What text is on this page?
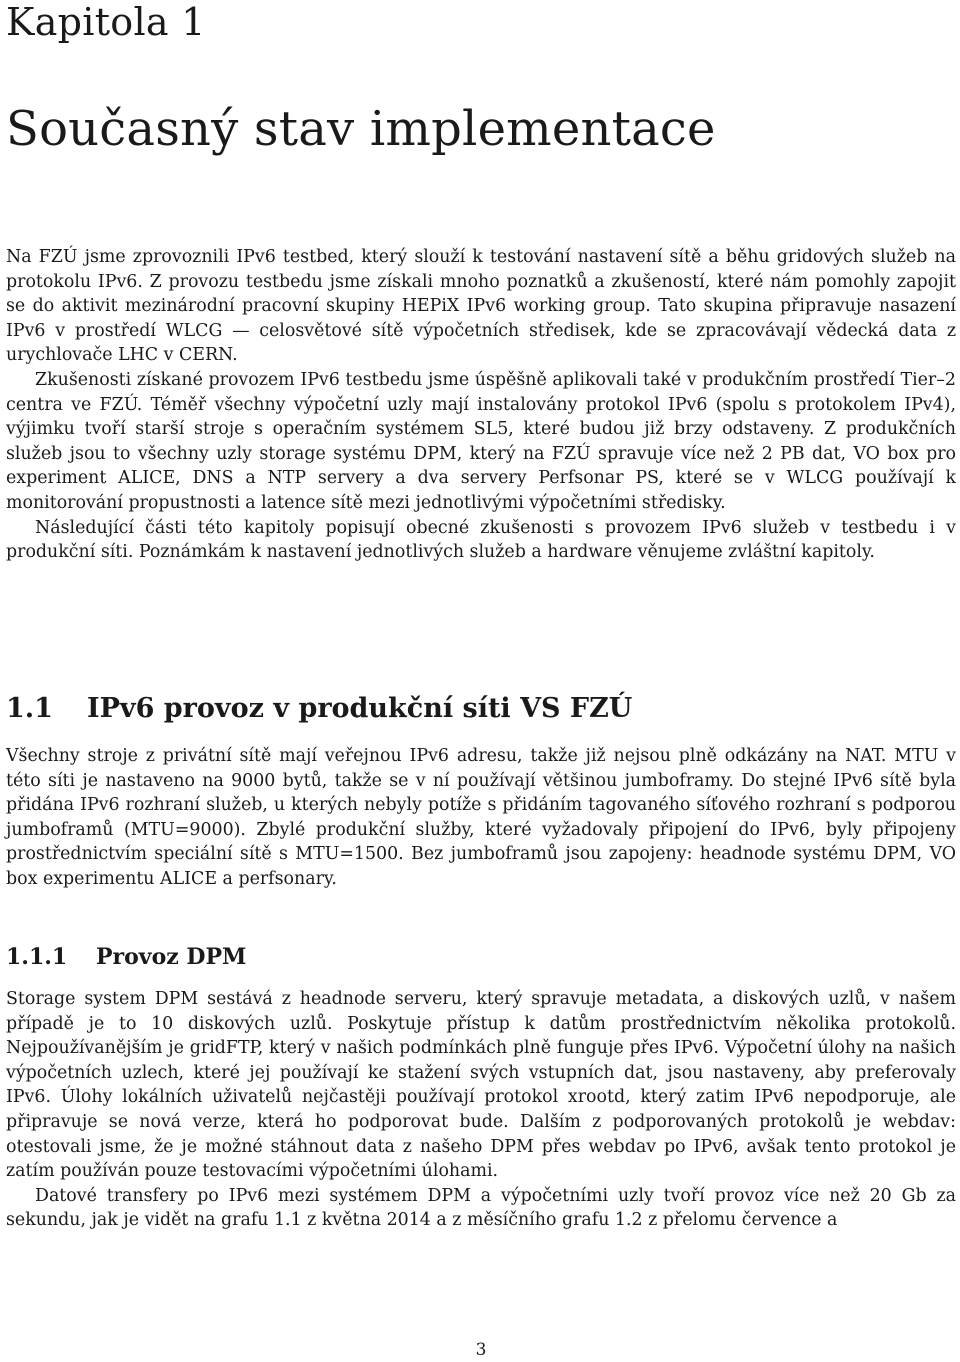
Kapitola 1
Současný stav implementace

Na FZÚ jsme zprovoznili IPv6 testbed, který slouží k testování nastavení sítě a běhu gridových služeb na protokolu IPv6. Z provozu testbedu jsme získali mnoho poznatků a zkušeností, které nám pomohly zapojit se do aktivit mezinárodní pracovní skupiny HEPiX IPv6 working group. Tato skupina připravuje nasazení IPv6 v prostředí WLCG — celosvětové sítě výpočetních středisek, kde se zpracovávají vědecká data z urychlovače LHC v CERN.

Zkušenosti získané provozem IPv6 testbedu jsme úspěšně aplikovali také v produkčním prostředí Tier–2 centra ve FZÚ. Téměř všechny výpočetní uzly mají instalovány protokol IPv6 (spolu s protokolem IPv4), výjimku tvoří starší stroje s operačním systémem SL5, které budou již brzy odstaveny. Z produkčních služeb jsou to všechny uzly storage systému DPM, který na FZÚ spravuje více než 2 PB dat, VO box pro experiment ALICE, DNS a NTP servery a dva servery Perfsonar PS, které se v WLCG používají k monitorování propustnosti a latence sítě mezi jednotlivými výpočetními středisky.

Následující části této kapitoly popisují obecné zkušenosti s provozem IPv6 služeb v testbedu i v produkční síti. Poznámkám k nastavení jednotlivých služeb a hardware věnujeme zvláštní kapitoly.

1.1 IPv6 provoz v produkční síti VS FZÚ

Všechny stroje z privátní sítě mají veřejnou IPv6 adresu, takže již nejsou plně odkázány na NAT. MTU v této síti je nastaveno na 9000 bytů, takže se v ní používají většinou jumboframy. Do stejné IPv6 sítě byla přidána IPv6 rozhraní služeb, u kterých nebyly potíže s přidáním tagovaného síťového rozhraní s podporou jumboframů (MTU=9000). Zbylé produkční služby, které vyžadovaly připojení do IPv6, byly připojeny prostřednictvím speciální sítě s MTU=1500. Bez jumboframů jsou zapojeny: headnode systému DPM, VO box experimentu ALICE a perfsonary.

1.1.1 Provoz DPM

Storage system DPM sestává z headnode serveru, který spravuje metadata, a diskových uzlů, v našem případě je to 10 diskových uzlů. Poskytuje přístup k datům prostřednictvím několika protokolů. Nejpoužívanějším je gridFTP, který v našich podmínkách plně funguje přes IPv6. Výpočetní úlohy na našich výpočetních uzlech, které jej používají ke stažení svých vstupních dat, jsou nastaveny, aby preferovaly IPv6. Úlohy lokálních uživatelů nejčastěji používají protokol xrootd, který zatim IPv6 nepodporuje, ale připravuje se nová verze, která ho podporovat bude. Dalším z podporovaných protokolů je webdav: otestovali jsme, že je možné stáhnout data z našeho DPM přes webdav po IPv6, avšak tento protokol je zatím používán pouze testovacími výpočetními úlohami.

Datové transfery po IPv6 mezi systémem DPM a výpočetními uzly tvoří provoz více než 20 Gb za sekundu, jak je vidět na grafu 1.1 z května 2014 a z měsíčního grafu 1.2 z přelomu července a

3
